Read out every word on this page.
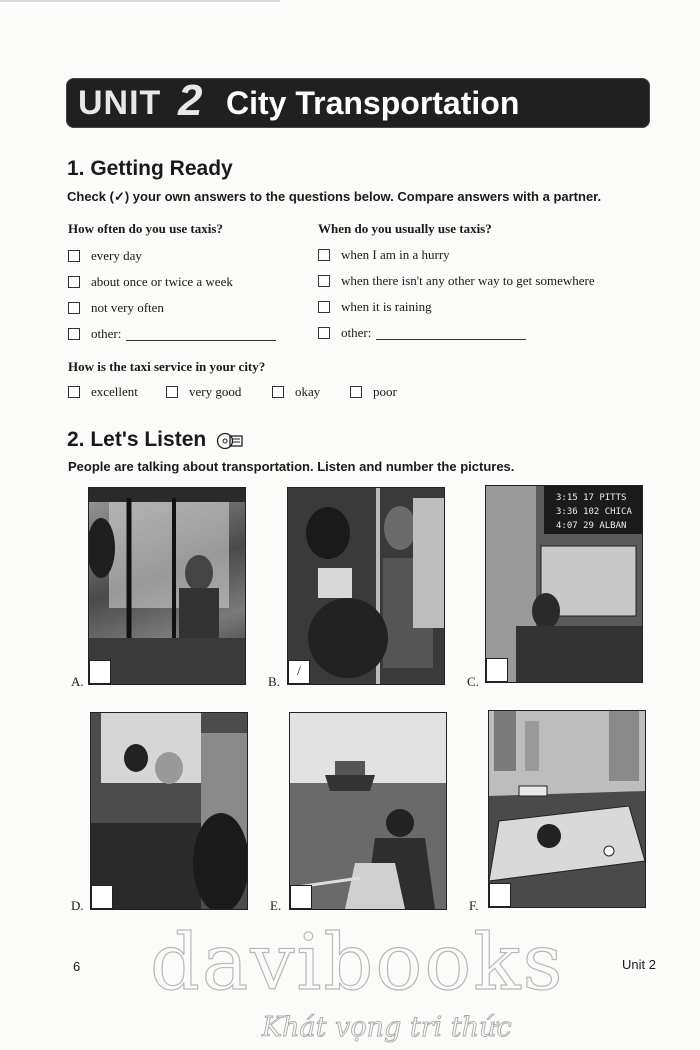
UNIT 2 City Transportation
1. Getting Ready
Check (✓) your own answers to the questions below. Compare answers with a partner.
How often do you use taxis?
every day
about once or twice a week
not very often
other:
When do you usually use taxis?
when I am in a hurry
when there isn't any other way to get somewhere
when it is raining
other:
How is the taxi service in your city?
excellent	very good	okay	poor
2. Let's Listen
People are talking about transportation. Listen and number the pictures.
A.	B.
/
C.
3:15 17 PITTS
3:36 102 CHICA
4:07 29 ALBAN
D.	E.	F.
6	Unit 2
davibooks
Khát vọng tri thức
